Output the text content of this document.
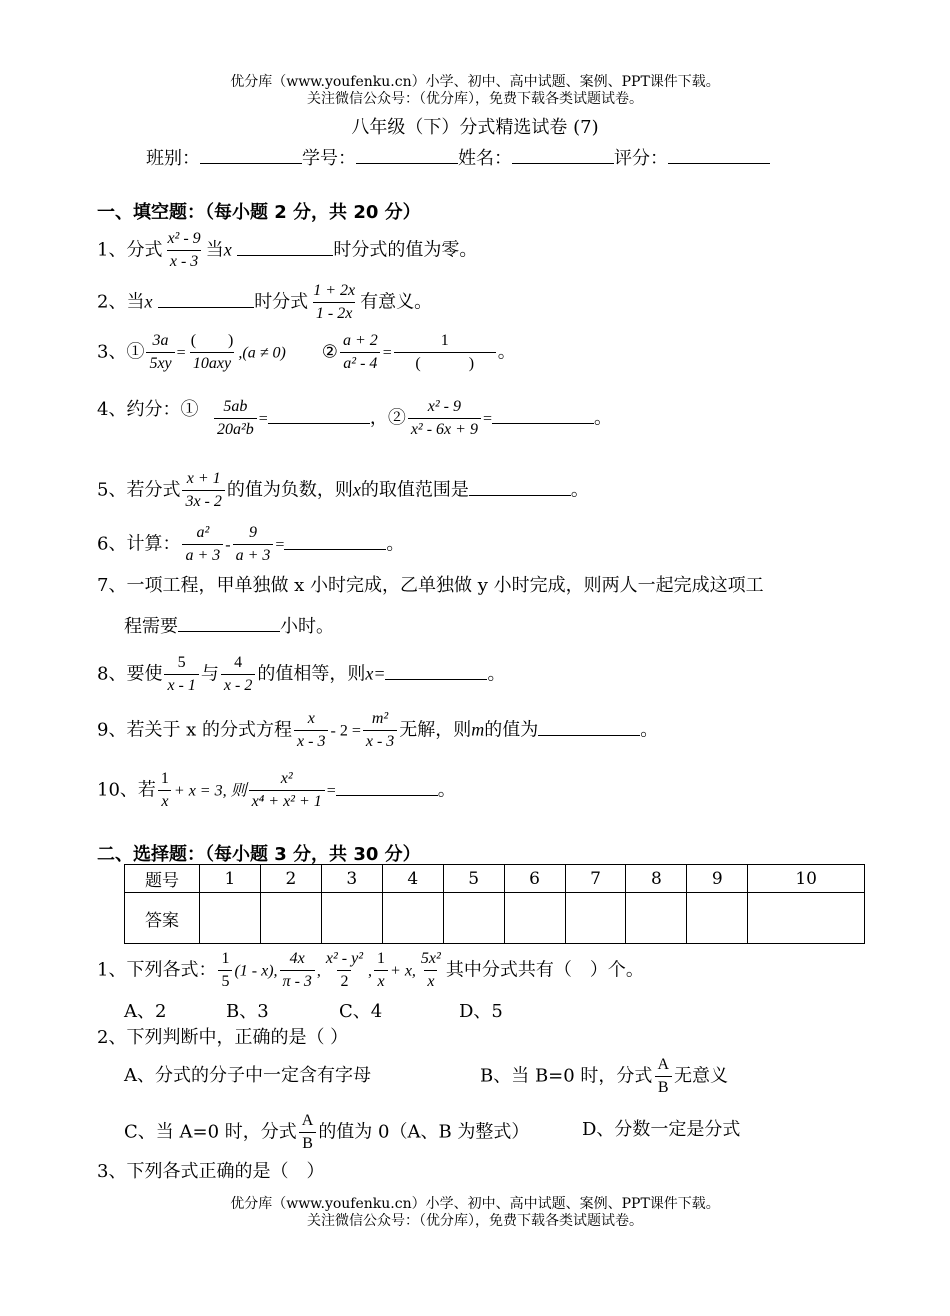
优分库（www.youfenku.cn）小学、初中、高中试题、案例、PPT课件下载。
关注微信公众号：（优分库），免费下载各类试题试卷。
八年级（下）分式精选试卷 (7)
班别：	学号：	姓名：	评分：
一、填空题：（每小题 2 分，共 20 分）
1、分式 $\frac{\text{x² - 9}}{x - 3}$ 当x	时分式的值为零。
2、当x	时分式 $\frac{1 + 2x}{1 - 2x}$ 有意义。
3、① $\frac{3a}{5xy}$ =
(　　)
10axy
,(a ≠ 0) ② $\frac{a + 2}{\text{a² - 4}}$ =
1
(　　　)
。
4、约分：① $\frac{5ab}{\text{20a²b}}$ =	，② $\frac{\text{x² - 9}}{\text{x² - 6x + 9}}$ =	。
5、若分式 $\frac{x + 1}{3x - 2}$ 的值为负数，则x的取值范围是	。
6、计算： $\frac{\text{a²}}{a + 3} - \frac{9}{a + 3}$ =	。
7、一项工程，甲单独做 x 小时完成，乙单独做 y 小时完成，则两人一起完成这项工
程需要	小时。
8、要使 $\frac{5}{x - 1}$ 与 $\frac{4}{x - 2}$ 的值相等，则x=	。
9、若关于 x 的分式方程 $\frac{x}{x - 3} - 2 = \frac{\text{m²}}{x - 3}$ 无解，则m的值为	。
10、若 $\frac{1}{x} + x = 3$, 则 $\frac{\text{x²}}{\text{x⁴ + x² + 1}}$ =	。
二、选择题：（每小题 3 分，共 30 分）
题号	1	2	3	4	5	6	7	8	9	10
答案										
1、下列各式： $\frac{1}{5} (1 - x)$, $\frac{4x}{\pi - 3}$ , $\frac{\text{x² - y²}}{2}$ , $\frac{1}{x} + x$, $\frac{\text{5x²}}{x}$ 其中分式共有（　）个。
A、2	B、3	C、4	D、5
2、下列判断中，正确的是（ ）
A、分式的分子中一定含有字母	B、当 B=0 时，分式 $\frac{A}{B}$ 无意义
C、当 A=0 时，分式 $\frac{A}{B}$ 的值为 0（A、B 为整式）	D、分数一定是分式
3、下列各式正确的是（　）
优分库（www.youfenku.cn）小学、初中、高中试题、案例、PPT课件下载。
关注微信公众号：（优分库），免费下载各类试题试卷。
